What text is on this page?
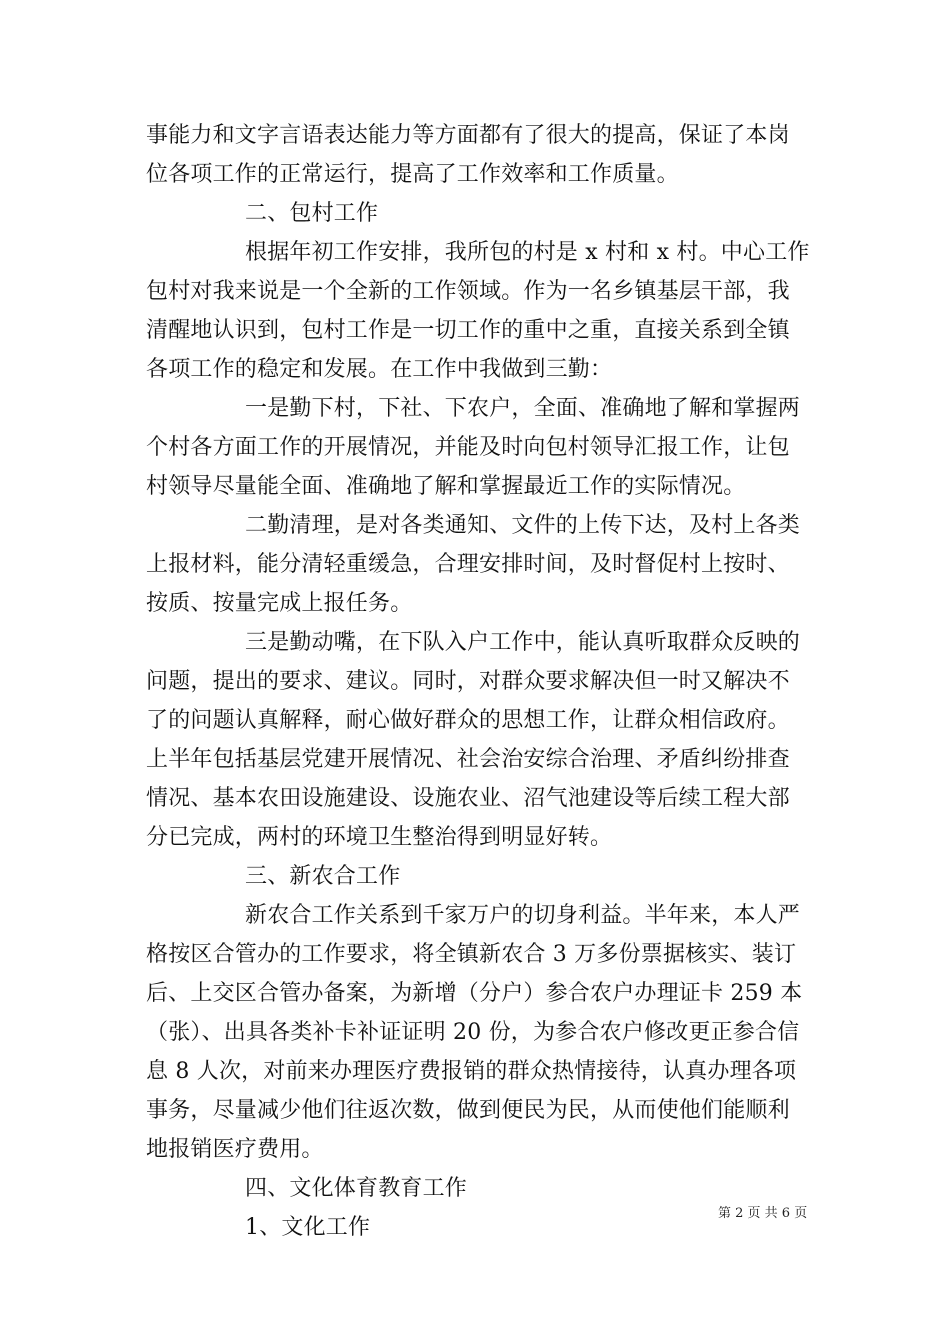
事能力和文字言语表达能力等方面都有了很大的提高，保证了本岗
位各项工作的正常运行，提高了工作效率和工作质量。
二、包村工作
根据年初工作安排，我所包的村是 x 村和 x 村。中心工作
包村对我来说是一个全新的工作领域。作为一名乡镇基层干部，我
清醒地认识到，包村工作是一切工作的重中之重，直接关系到全镇
各项工作的稳定和发展。在工作中我做到三勤：
一是勤下村，下社、下农户，全面、准确地了解和掌握两
个村各方面工作的开展情况，并能及时向包村领导汇报工作，让包
村领导尽量能全面、准确地了解和掌握最近工作的实际情况。
二勤清理，是对各类通知、文件的上传下达，及村上各类
上报材料，能分清轻重缓急，合理安排时间，及时督促村上按时、
按质、按量完成上报任务。
三是勤动嘴，在下队入户工作中，能认真听取群众反映的
问题，提出的要求、建议。同时，对群众要求解决但一时又解决不
了的问题认真解释，耐心做好群众的思想工作，让群众相信政府。
上半年包括基层党建开展情况、社会治安综合治理、矛盾纠纷排查
情况、基本农田设施建设、设施农业、沼气池建设等后续工程大部
分已完成，两村的环境卫生整治得到明显好转。
三、新农合工作
新农合工作关系到千家万户的切身利益。半年来，本人严
格按区合管办的工作要求，将全镇新农合 3 万多份票据核实、装订
后、上交区合管办备案，为新增（分户）参合农户办理证卡 259 本
（张）、出具各类补卡补证证明 20 份，为参合农户修改更正参合信
息 8 人次，对前来办理医疗费报销的群众热情接待，认真办理各项
事务，尽量减少他们往返次数，做到便民为民，从而使他们能顺利
地报销医疗费用。
四、文化体育教育工作
1、文化工作
第 2 页 共 6 页
